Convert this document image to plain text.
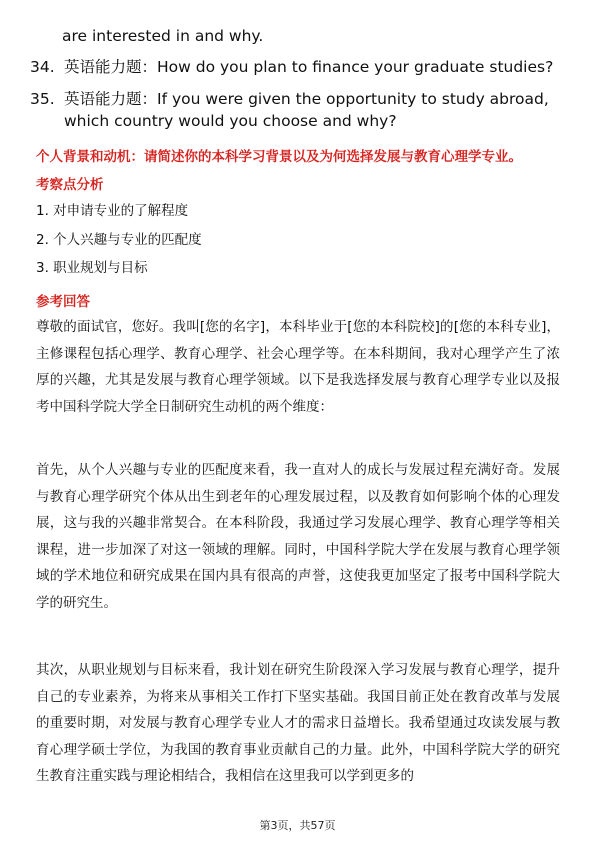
are interested in and why.
34. 英语能力题：How do you plan to finance your graduate studies?
35. 英语能力题：If you were given the opportunity to study abroad, which country would you choose and why?
个人背景和动机：请简述你的本科学习背景以及为何选择发展与教育心理学专业。
考察点分析
1. 对申请专业的了解程度
2. 个人兴趣与专业的匹配度
3. 职业规划与目标
参考回答
尊敬的面试官，您好。我叫[您的名字]，本科毕业于[您的本科院校]的[您的本科专业]，主修课程包括心理学、教育心理学、社会心理学等。在本科期间，我对心理学产生了浓厚的兴趣，尤其是发展与教育心理学领域。以下是我选择发展与教育心理学专业以及报考中国科学院大学全日制研究生动机的两个维度：
首先，从个人兴趣与专业的匹配度来看，我一直对人的成长与发展过程充满好奇。发展与教育心理学研究个体从出生到老年的心理发展过程，以及教育如何影响个体的心理发展，这与我的兴趣非常契合。在本科阶段，我通过学习发展心理学、教育心理学等相关课程，进一步加深了对这一领域的理解。同时，中国科学院大学在发展与教育心理学领域的学术地位和研究成果在国内具有很高的声誉，这使我更加坚定了报考中国科学院大学的研究生。
其次，从职业规划与目标来看，我计划在研究生阶段深入学习发展与教育心理学，提升自己的专业素养，为将来从事相关工作打下坚实基础。我国目前正处在教育改革与发展的重要时期，对发展与教育心理学专业人才的需求日益增长。我希望通过攻读发展与教育心理学硕士学位，为我国的教育事业贡献自己的力量。此外，中国科学院大学的研究生教育注重实践与理论相结合，我相信在这里我可以学到更多的
第3页，共57页
